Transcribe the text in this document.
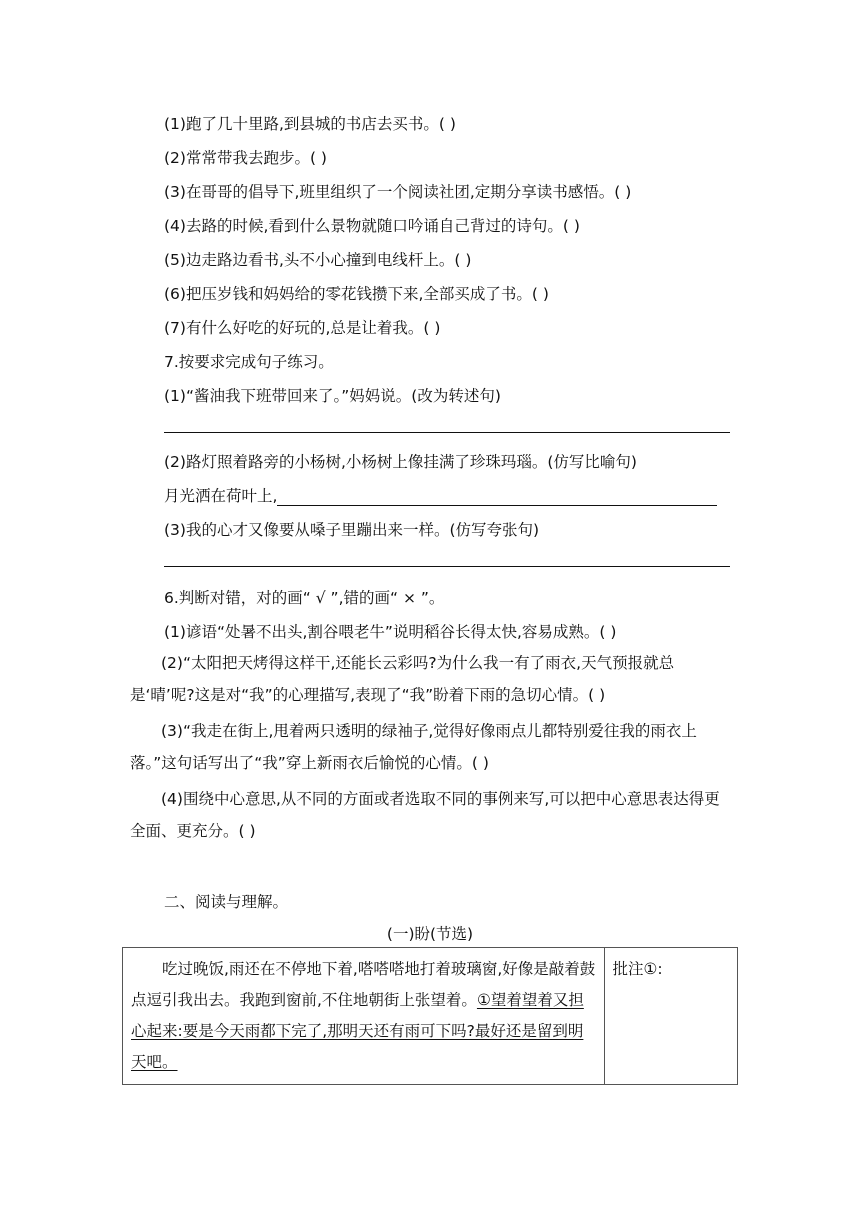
(1)跑了几十里路,到县城的书店去买书。( )
(2)常常带我去跑步。( )
(3)在哥哥的倡导下,班里组织了一个阅读社团,定期分享读书感悟。( )
(4)去路的时候,看到什么景物就随口吟诵自己背过的诗句。( )
(5)边走路边看书,头不小心撞到电线杆上。( )
(6)把压岁钱和妈妈给的零花钱攒下来,全部买成了书。( )
(7)有什么好吃的好玩的,总是让着我。( )
7.按要求完成句子练习。
(1)“酱油我下班带回来了。”妈妈说。(改为转述句)
(2)路灯照着路旁的小杨树,小杨树上像挂满了珍珠玛瑙。(仿写比喻句)
月光洒在荷叶上,
(3)我的心才又像要从嗓子里蹦出来一样。(仿写夸张句)
6.判断对错，对的画“ √ ”,错的画“ × ”。
(1)谚语“处暑不出头,割谷喂老牛”说明稻谷长得太快,容易成熟。( )

(2)“太阳把天烤得这样干,还能长云彩吗?为什么我一有了雨衣,天气预报就总是‘晴’呢?这是对“我”的心理描写,表现了“我”盼着下雨的急切心情。( )

(3)“我走在街上,甩着两只透明的绿袖子,觉得好像雨点儿都特别爱往我的雨衣上落。”这句话写出了“我”穿上新雨衣后愉悦的心情。( )

(4)围绕中心意思,从不同的方面或者选取不同的事例来写,可以把中心意思表达得更全面、更充分。( )

二、阅读与理解。
(一)盼(节选)
吃过晚饭,雨还在不停地下着,嗒嗒嗒地打着玻璃窗,好像是敲着鼓点逗引我出去。我跑到窗前,不住地朝街上张望着。①望着望着又担心起来:要是今天雨都下完了,那明天还有雨可下吗?最好还是留到明天吧。
	批注①:
